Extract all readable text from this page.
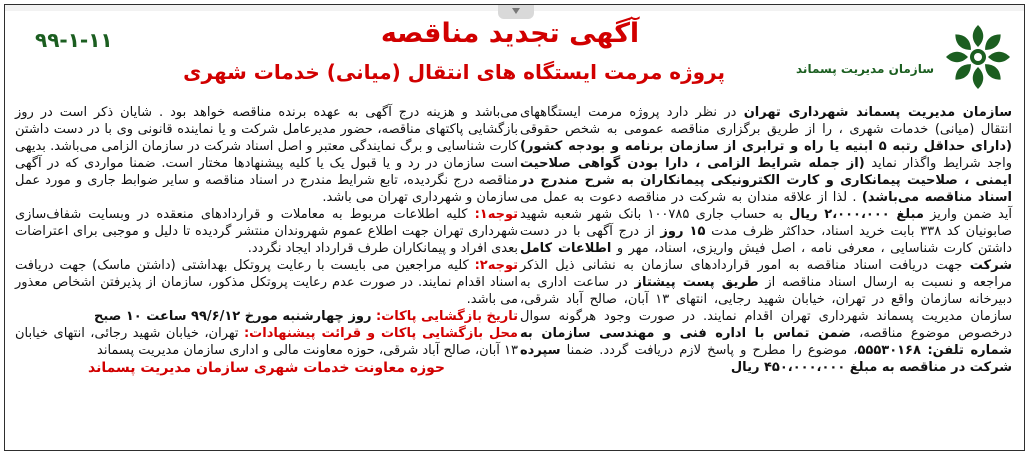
سازمان مدیریت پسماند
آگهی تجدید مناقصه
پروژه مرمت ایستگاه های انتقال (میانی) خدمات شهری
۹۹-۱-۱۱

سازمان مدیریت پسماند شهرداری تهران در نظر دارد پروژه مرمت ایستگاههای انتقال (میانی) خدمات شهری ، را از طریق برگزاری مناقصه عمومی به شخص حقوقی (دارای حداقل رتبه ۵ ابنیه یا راه و ترابری از سازمان برنامه و بودجه کشور) واجد شرایط واگذار نماید (از جمله شرایط الزامی ، دارا بودن گواهی صلاحیت ایمنی ، صلاحیت پیمانکاری و کارت الکترونیکی پیمانکاران به شرح مندرج در اسناد مناقصه می‌باشد) . لذا از علاقه مندان به شرکت در مناقصه دعوت به عمل می آید ضمن واریز مبلغ ۲،۰۰۰،۰۰۰ ریال به حساب جاری ۱۰۰۷۸۵ بانک شهر شعبه شهید صابونیان کد ۳۳۸ بابت خرید اسناد، حداکثر ظرف مدت ۱۵ روز از درج آگهی با در دست داشتن کارت شناسایی ، معرفی نامه ، اصل فیش واریزی، اسناد، مهر و اطلاعات کامل شرکت جهت دریافت اسناد مناقصه به امور قراردادهای سازمان به نشانی ذیل الذکر مراجعه و نسبت به ارسال اسناد مناقصه از طریق پست پیشتاز در ساعت اداری به دبیرخانه سازمان واقع در تهران، خیابان شهید رجایی، انتهای ۱۳ آبان، صالح آباد شرقی، سازمان مدیریت پسماند شهرداری تهران اقدام نمایند. در صورت وجود هرگونه سوال درخصوص موضوع مناقصه، ضمن تماس با اداره فنی و مهندسی سازمان به شماره تلفن: ۵۵۵۳۰۱۶۸، موضوع را مطرح و پاسخ لازم دریافت گردد. ضمنا سپرده شرکت در مناقصه به مبلغ ۴۵۰،۰۰۰،۰۰۰ ریال

می‌باشد و هزینه درج آگهی به عهده برنده مناقصه خواهد بود . شایان ذکر است در روز بازگشایی پاکتهای مناقصه، حضور مدیرعامل شرکت و یا نماینده قانونی وی با در دست داشتن کارت شناسایی و برگ نمایندگی معتبر و اصل اسناد شرکت در سازمان الزامی می‌باشد. بدیهی است سازمان در رد و یا قبول یک یا کلیه پیشنهادها مختار است. ضمنا مواردی که در آگهی مناقصه درج نگردیده، تابع شرایط مندرج در اسناد مناقصه و سایر ضوابط جاری و مورد عمل سازمان و شهرداری تهران می باشد.

توجه۱: کلیه اطلاعات مربوط به معاملات و قراردادهای منعقده در وبسایت شفاف‌سازی شهرداری تهران جهت اطلاع عموم شهروندان منتشر گردیده تا دلیل و موجبی برای اعتراضات بعدی افراد و پیمانکاران طرف قرارداد ایجاد نگردد.

توجه۲: کلیه مراجعین می بایست با رعایت پروتکل بهداشتی (داشتن ماسک) جهت دریافت اسناد اقدام نمایند. در صورت عدم رعایت پروتکل مذکور، سازمان از پذیرفتن اشخاص معذور می باشد.

تاریخ بازگشایی پاکات: روز چهارشنبه مورخ ۹۹/۶/۱۲ ساعت ۱۰ صبح

محل بازگشایی پاکات و قرائت پیشنهادات: تهران، خیابان شهید رجائی، انتهای خیابان ۱۳ آبان، صالح آباد شرقی، حوزه معاونت مالی و اداری سازمان مدیریت پسماند

حوزه معاونت خدمات شهری سازمان مدیریت پسماند
